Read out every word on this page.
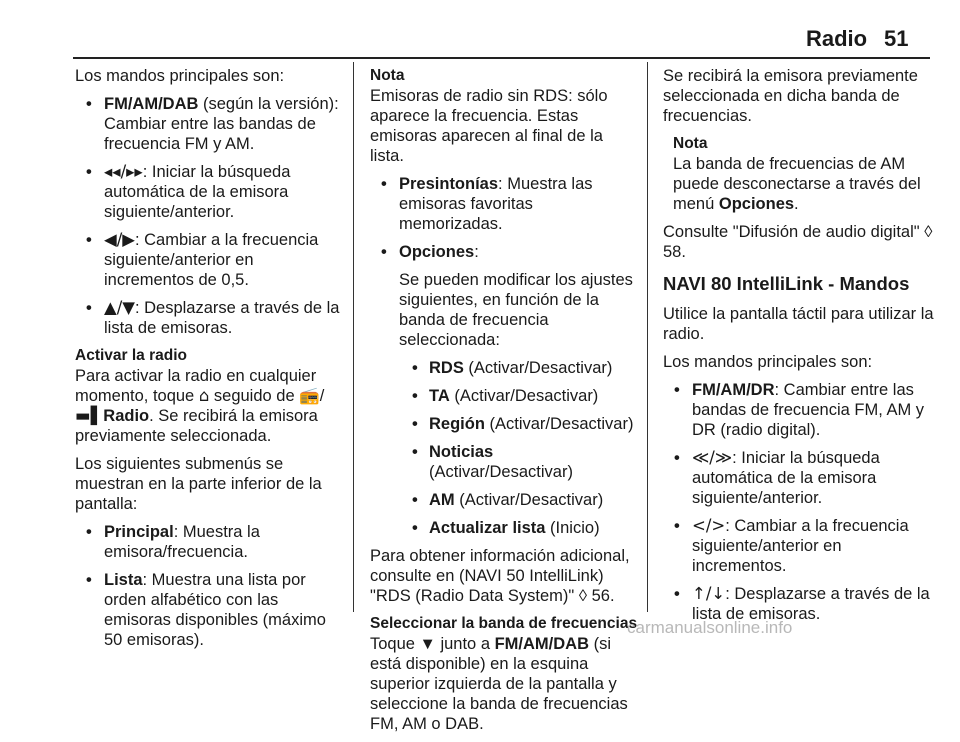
Radio 51

Los mandos principales son:

• FM/AM/DAB (según la versión): Cambiar entre las bandas de frecuencia FM y AM.
• ◂◂/▸▸: Iniciar la búsqueda automática de la emisora siguiente/anterior.
• ◀/▶: Cambiar a la frecuencia siguiente/anterior en incrementos de 0,5.
• ▲/▼: Desplazarse a través de la lista de emisoras.

Activar la radio

Para activar la radio en cualquier momento, toque ⌂ seguido de 📻/
▬▌Radio. Se recibirá la emisora previamente seleccionada.

Los siguientes submenús se muestran en la parte inferior de la pantalla:

• Principal: Muestra la emisora/frecuencia.
• Lista: Muestra una lista por orden alfabético con las emisoras disponibles (máximo 50 emisoras).

Nota

Emisoras de radio sin RDS: sólo aparece la frecuencia. Estas emisoras aparecen al final de la lista.

• Presintonías: Muestra las emisoras favoritas memorizadas.
• Opciones:

Se pueden modificar los ajustes siguientes, en función de la banda de frecuencia seleccionada:

• RDS (Activar/Desactivar)
• TA (Activar/Desactivar)
• Región (Activar/Desactivar)
• Noticias (Activar/Desactivar)
• AM (Activar/Desactivar)
• Actualizar lista (Inicio)

Para obtener información adicional, consulte en (NAVI 50 IntelliLink) "RDS (Radio Data System)" ◊ 56.

Seleccionar la banda de frecuencias

Toque ▼ junto a FM/AM/DAB (si está disponible) en la esquina superior izquierda de la pantalla y seleccione la banda de frecuencias FM, AM o DAB.

Se recibirá la emisora previamente seleccionada en dicha banda de frecuencias.

Nota

La banda de frecuencias de AM puede desconectarse a través del menú Opciones.

Consulte "Difusión de audio digital" ◊ 58.

NAVI 80 IntelliLink - Mandos

Utilice la pantalla táctil para utilizar la radio.

Los mandos principales son:

• FM/AM/DR: Cambiar entre las bandas de frecuencia FM, AM y DR (radio digital).
• ≪/≫: Iniciar la búsqueda automática de la emisora siguiente/anterior.
• </>: Cambiar a la frecuencia siguiente/anterior en incrementos.
• ↑/↓: Desplazarse a través de la lista de emisoras.
carmanualsonline.info
